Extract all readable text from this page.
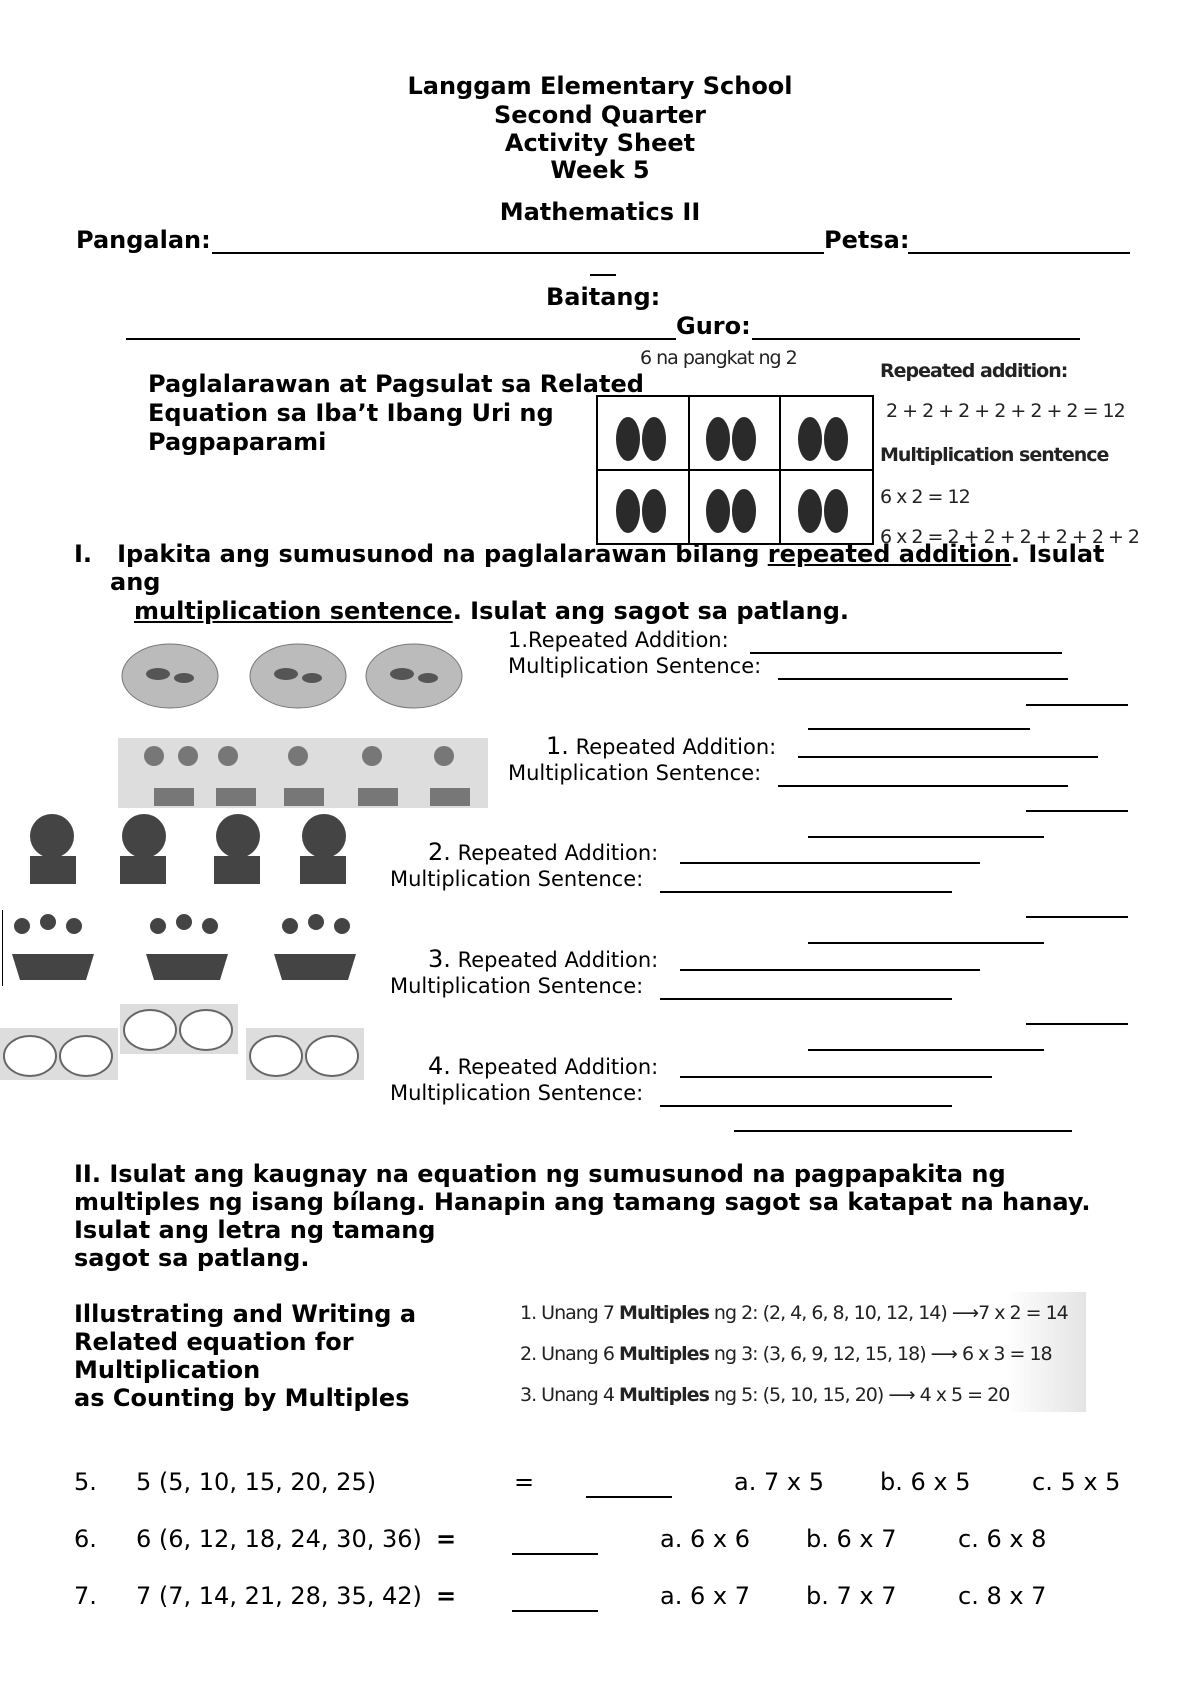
Langgam Elementary School
Second Quarter
Activity Sheet
Week 5
Mathematics II
Pangalan:	Petsa:
Baitang:
Guro:
Paglalarawan at Pagsulat sa Related
Equation sa Iba’t Ibang Uri ng
Pagpaparami
6 na pangkat ng 2
Repeated addition:
2 + 2 + 2 + 2 + 2 + 2 = 12
Multiplication sentence
6 x 2 = 12
6 x 2 = 2 + 2 + 2 + 2 + 2 + 2
I. Ipakita ang sumusunod na paglalarawan bilang repeated addition. Isulat
ang
multiplication sentence. Isulat ang sagot sa patlang.
1.Repeated Addition:
Multiplication Sentence:
1. Repeated Addition:
Multiplication Sentence:
2. Repeated Addition:
Multiplication Sentence:
3. Repeated Addition:
Multiplication Sentence:
4. Repeated Addition:
Multiplication Sentence:
II. Isulat ang kaugnay na equation ng sumusunod na pagpapakita ng
multiples ng isang bílang. Hanapin ang tamang sagot sa katapat na hanay.
Isulat ang letra ng tamang
sagot sa patlang.
Illustrating and Writing a
Related equation for
Multiplication
as Counting by Multiples
1. Unang 7 Multiples ng 2: (2, 4, 6, 8, 10, 12, 14) ⟶7 x 2 = 14
2. Unang 6 Multiples ng 3: (3, 6, 9, 12, 15, 18) ⟶ 6 x 3 = 18
3. Unang 4 Multiples ng 5: (5, 10, 15, 20) ⟶ 4 x 5 = 20
5. 5 (5, 10, 15, 20, 25)	=	a. 7 x 5 b. 6 x 5	c. 5 x 5
6. 6 (6, 12, 18, 24, 30, 36) =	a. 6 x 6 b. 6 x 7	c. 6 x 8
7. 7 (7, 14, 21, 28, 35, 42) =	a. 6 x 7 b. 7 x 7	c. 8 x 7
